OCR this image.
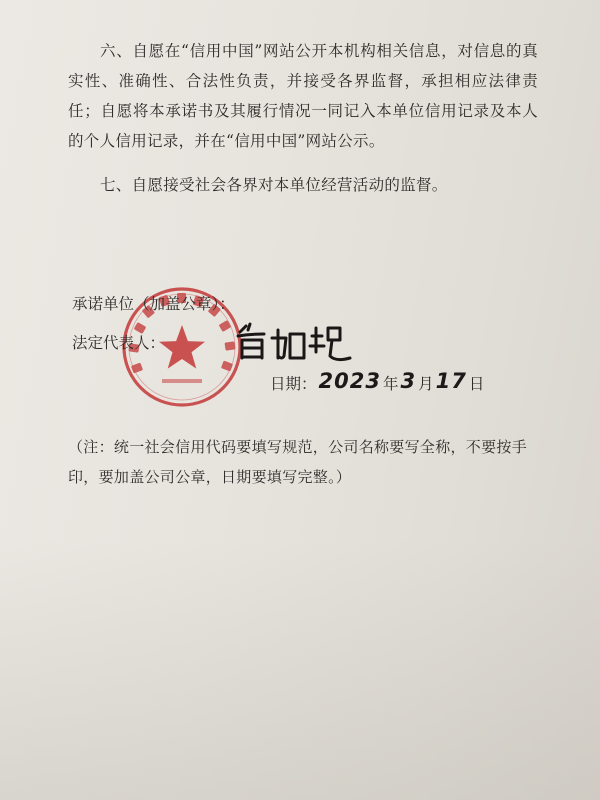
六、自愿在“信用中国”网站公开本机构相关信息，对信息的真实性、准确性、合法性负责，并接受各界监督，承担相应法律责任；自愿将本承诺书及其履行情况一同记入本单位信用记录及本人的个人信用记录，并在“信用中国”网站公示。

七、自愿接受社会各界对本单位经营活动的监督。

承诺单位（加盖公章）：
法定代表人：
日期： 2023 年 3 月 17 日
（注：统一社会信用代码要填写规范，公司名称要写全称，不要按手印，要加盖公司公章，日期要填写完整。）
